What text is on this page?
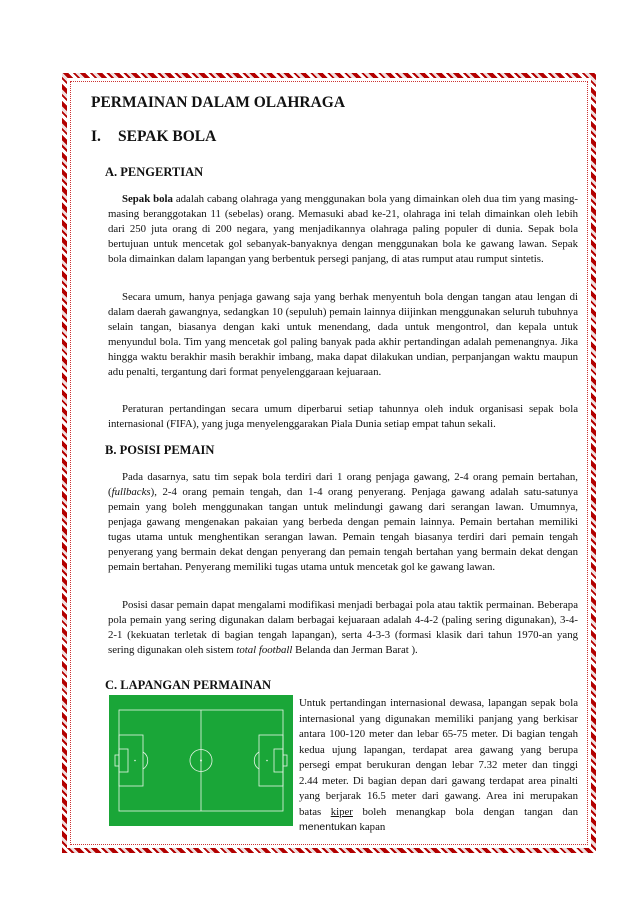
PERMAINAN DALAM OLAHRAGA
I. SEPAK BOLA
A. PENGERTIAN

Sepak bola adalah cabang olahraga yang menggunakan bola yang dimainkan oleh dua tim yang masing-masing beranggotakan 11 (sebelas) orang. Memasuki abad ke-21, olahraga ini telah dimainkan oleh lebih dari 250 juta orang di 200 negara, yang menjadikannya olahraga paling populer di dunia. Sepak bola bertujuan untuk mencetak gol sebanyak-banyaknya dengan menggunakan bola ke gawang lawan. Sepak bola dimainkan dalam lapangan yang berbentuk persegi panjang, di atas rumput atau rumput sintetis.

Secara umum, hanya penjaga gawang saja yang berhak menyentuh bola dengan tangan atau lengan di dalam daerah gawangnya, sedangkan 10 (sepuluh) pemain lainnya diijinkan menggunakan seluruh tubuhnya selain tangan, biasanya dengan kaki untuk menendang, dada untuk mengontrol, dan kepala untuk menyundul bola. Tim yang mencetak gol paling banyak pada akhir pertandingan adalah pemenangnya. Jika hingga waktu berakhir masih berakhir imbang, maka dapat dilakukan undian, perpanjangan waktu maupun adu penalti, tergantung dari format penyelenggaraan kejuaraan.

Peraturan pertandingan secara umum diperbarui setiap tahunnya oleh induk organisasi sepak bola internasional (FIFA), yang juga menyelenggarakan Piala Dunia setiap empat tahun sekali.

B. POSISI PEMAIN

Pada dasarnya, satu tim sepak bola terdiri dari 1 orang penjaga gawang, 2-4 orang pemain bertahan, (fullbacks), 2-4 orang pemain tengah, dan 1-4 orang penyerang. Penjaga gawang adalah satu-satunya pemain yang boleh menggunakan tangan untuk melindungi gawang dari serangan lawan. Umumnya, penjaga gawang mengenakan pakaian yang berbeda dengan pemain lainnya. Pemain bertahan memiliki tugas utama untuk menghentikan serangan lawan. Pemain tengah biasanya terdiri dari pemain tengah penyerang yang bermain dekat dengan penyerang dan pemain tengah bertahan yang bermain dekat dengan pemain bertahan. Penyerang memiliki tugas utama untuk mencetak gol ke gawang lawan.

Posisi dasar pemain dapat mengalami modifikasi menjadi berbagai pola atau taktik permainan. Beberapa pola pemain yang sering digunakan dalam berbagai kejuaraan adalah 4-4-2 (paling sering digunakan), 3-4-2-1 (kekuatan terletak di bagian tengah lapangan), serta 4-3-3 (formasi klasik dari tahun 1970-an yang sering digunakan oleh sistem total football Belanda dan Jerman Barat ).

C. LAPANGAN PERMAINAN

Untuk pertandingan internasional dewasa, lapangan sepak bola internasional yang digunakan memiliki panjang yang berkisar antara 100-120 meter dan lebar 65-75 meter. Di bagian tengah kedua ujung lapangan, terdapat area gawang yang berupa persegi empat berukuran dengan lebar 7.32 meter dan tinggi 2.44 meter. Di bagian depan dari gawang terdapat area pinalti yang berjarak 16.5 meter dari gawang. Area ini merupakan batas kiper boleh menangkap bola dengan tangan dan menentukan kapan
